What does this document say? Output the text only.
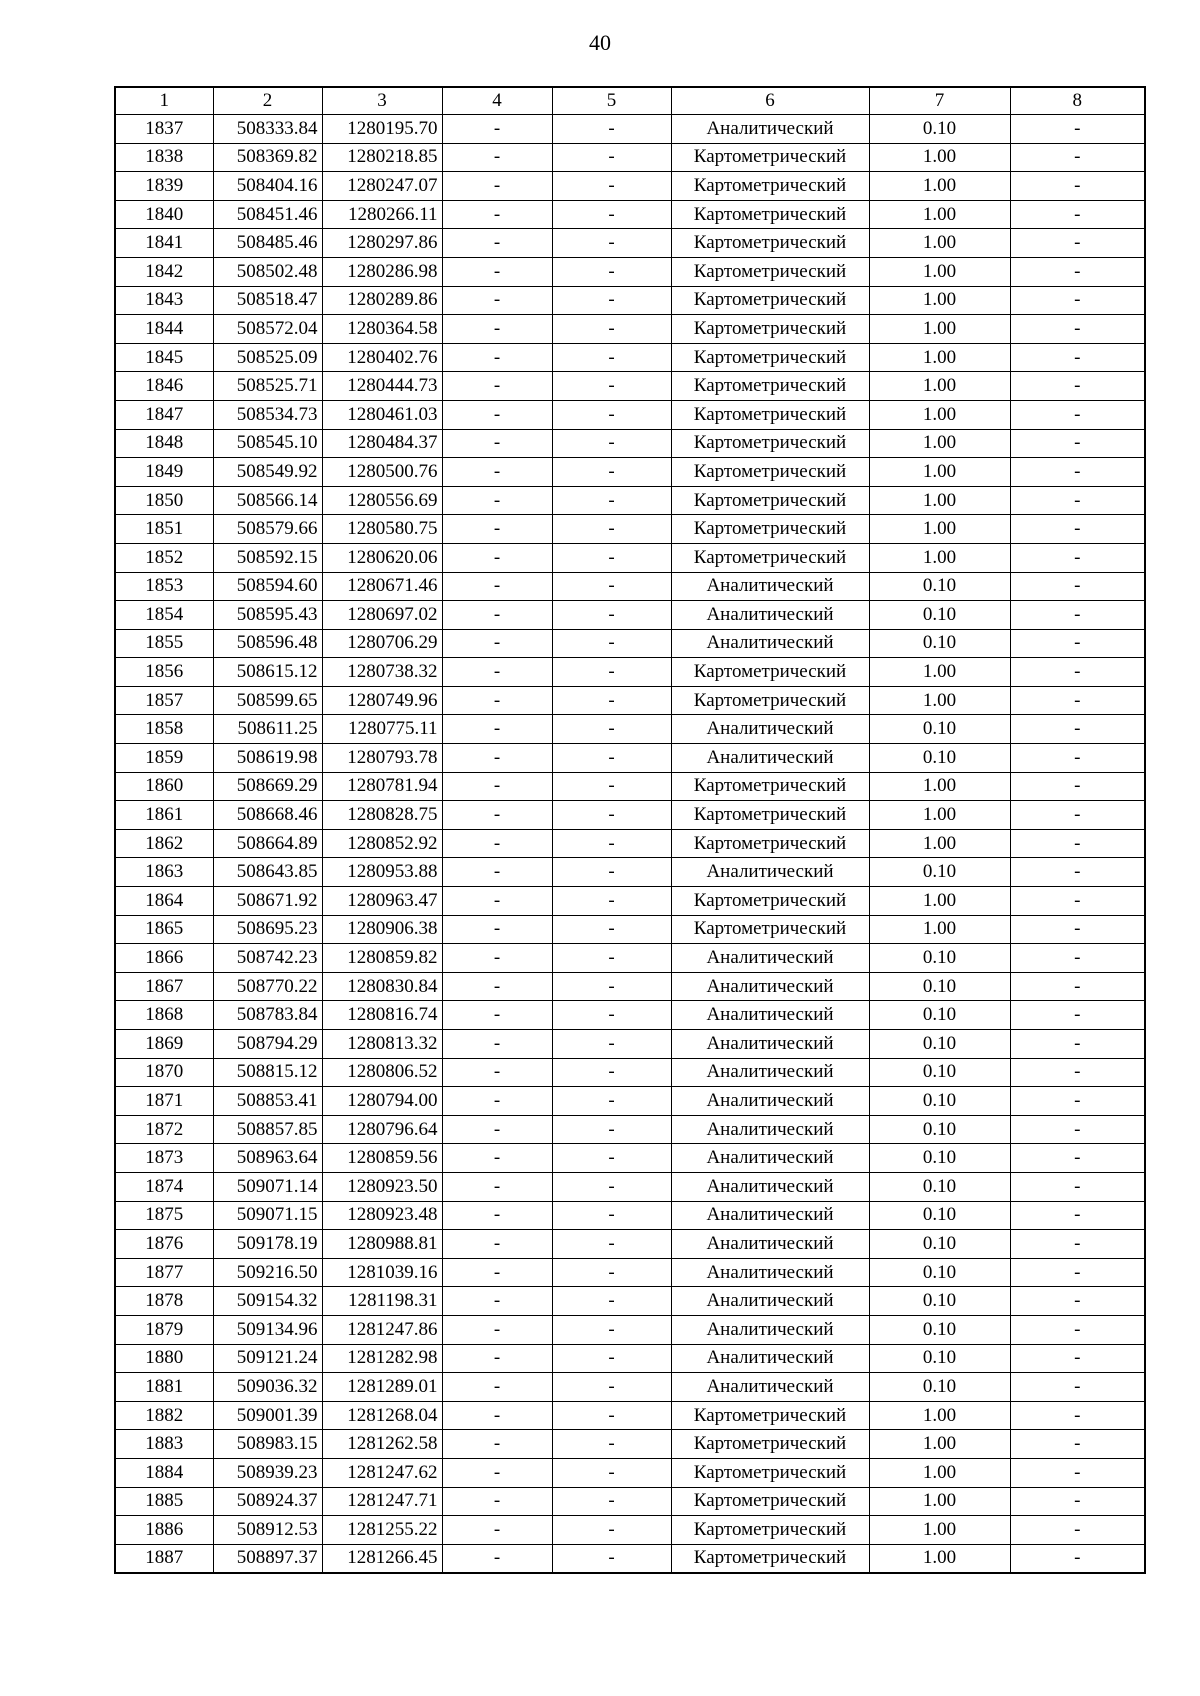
40
1	2	3	4	5	6	7	8
1837	508333.84	1280195.70	-	-	Аналитический	0.10	-
1838	508369.82	1280218.85	-	-	Картометрический	1.00	-
1839	508404.16	1280247.07	-	-	Картометрический	1.00	-
1840	508451.46	1280266.11	-	-	Картометрический	1.00	-
1841	508485.46	1280297.86	-	-	Картометрический	1.00	-
1842	508502.48	1280286.98	-	-	Картометрический	1.00	-
1843	508518.47	1280289.86	-	-	Картометрический	1.00	-
1844	508572.04	1280364.58	-	-	Картометрический	1.00	-
1845	508525.09	1280402.76	-	-	Картометрический	1.00	-
1846	508525.71	1280444.73	-	-	Картометрический	1.00	-
1847	508534.73	1280461.03	-	-	Картометрический	1.00	-
1848	508545.10	1280484.37	-	-	Картометрический	1.00	-
1849	508549.92	1280500.76	-	-	Картометрический	1.00	-
1850	508566.14	1280556.69	-	-	Картометрический	1.00	-
1851	508579.66	1280580.75	-	-	Картометрический	1.00	-
1852	508592.15	1280620.06	-	-	Картометрический	1.00	-
1853	508594.60	1280671.46	-	-	Аналитический	0.10	-
1854	508595.43	1280697.02	-	-	Аналитический	0.10	-
1855	508596.48	1280706.29	-	-	Аналитический	0.10	-
1856	508615.12	1280738.32	-	-	Картометрический	1.00	-
1857	508599.65	1280749.96	-	-	Картометрический	1.00	-
1858	508611.25	1280775.11	-	-	Аналитический	0.10	-
1859	508619.98	1280793.78	-	-	Аналитический	0.10	-
1860	508669.29	1280781.94	-	-	Картометрический	1.00	-
1861	508668.46	1280828.75	-	-	Картометрический	1.00	-
1862	508664.89	1280852.92	-	-	Картометрический	1.00	-
1863	508643.85	1280953.88	-	-	Аналитический	0.10	-
1864	508671.92	1280963.47	-	-	Картометрический	1.00	-
1865	508695.23	1280906.38	-	-	Картометрический	1.00	-
1866	508742.23	1280859.82	-	-	Аналитический	0.10	-
1867	508770.22	1280830.84	-	-	Аналитический	0.10	-
1868	508783.84	1280816.74	-	-	Аналитический	0.10	-
1869	508794.29	1280813.32	-	-	Аналитический	0.10	-
1870	508815.12	1280806.52	-	-	Аналитический	0.10	-
1871	508853.41	1280794.00	-	-	Аналитический	0.10	-
1872	508857.85	1280796.64	-	-	Аналитический	0.10	-
1873	508963.64	1280859.56	-	-	Аналитический	0.10	-
1874	509071.14	1280923.50	-	-	Аналитический	0.10	-
1875	509071.15	1280923.48	-	-	Аналитический	0.10	-
1876	509178.19	1280988.81	-	-	Аналитический	0.10	-
1877	509216.50	1281039.16	-	-	Аналитический	0.10	-
1878	509154.32	1281198.31	-	-	Аналитический	0.10	-
1879	509134.96	1281247.86	-	-	Аналитический	0.10	-
1880	509121.24	1281282.98	-	-	Аналитический	0.10	-
1881	509036.32	1281289.01	-	-	Аналитический	0.10	-
1882	509001.39	1281268.04	-	-	Картометрический	1.00	-
1883	508983.15	1281262.58	-	-	Картометрический	1.00	-
1884	508939.23	1281247.62	-	-	Картометрический	1.00	-
1885	508924.37	1281247.71	-	-	Картометрический	1.00	-
1886	508912.53	1281255.22	-	-	Картометрический	1.00	-
1887	508897.37	1281266.45	-	-	Картометрический	1.00	-
